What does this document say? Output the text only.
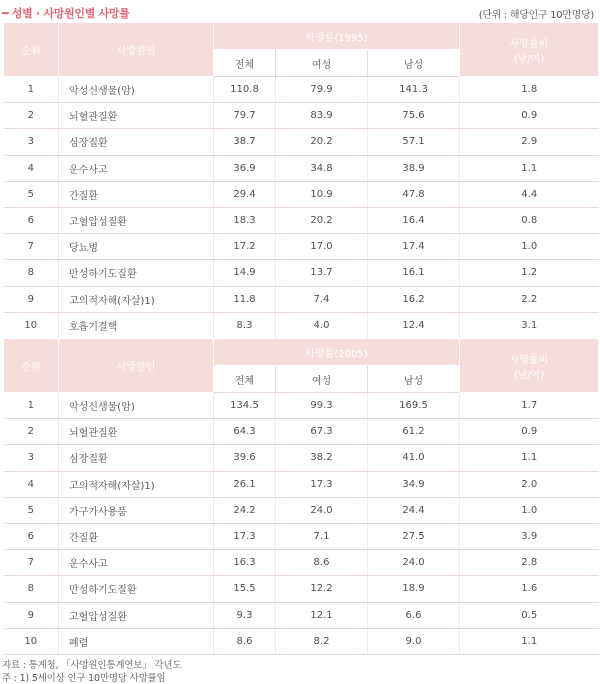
━ 성별 · 사망원인별 사망률	(단위 : 해당인구 10만명당)
순위	사망원인	사망률(1995)			사망률비
(남/여)
		전체	여성	남성	
1	악성신생물(암)	110.8	79.9	141.3	1.8
2	뇌혈관질환	79.7	83.9	75.6	0.9
3	심장질환	38.7	20.2	57.1	2.9
4	운수사고	36.9	34.8	38.9	1.1
5	간질환	29.4	10.9	47.8	4.4
6	고혈압성질환	18.3	20.2	16.4	0.8
7	당뇨병	17.2	17.0	17.4	1.0
8	만성하기도질환	14.9	13.7	16.1	1.2
9	고의적자해(자살)1)	11.8	7.4	16.2	2.2
10	호흡기결핵	8.3	4.0	12.4	3.1
순위	사망원인	사망률(2005)			사망률비
(남/여)
		전체	여성	남성	
1	악성신생물(암)	134.5	99.3	169.5	1.7
2	뇌혈관질환	64.3	67.3	61.2	0.9
3	심장질환	39.6	38.2	41.0	1.1
4	고의적자해(자살)1)	26.1	17.3	34.9	2.0
5	가구가사용품	24.2	24.0	24.4	1.0
6	간질환	17.3	7.1	27.5	3.9
7	운수사고	16.3	8.6	24.0	2.8
8	만성하기도질환	15.5	12.2	18.9	1.6
9	고혈압성질환	9.3	12.1	6.6	0.5
10	폐렴	8.6	8.2	9.0	1.1
자료 : 통계청, 「사망원인통계연보」 각년도
주 : 1) 5세이상 인구 10만명당 사망률임
